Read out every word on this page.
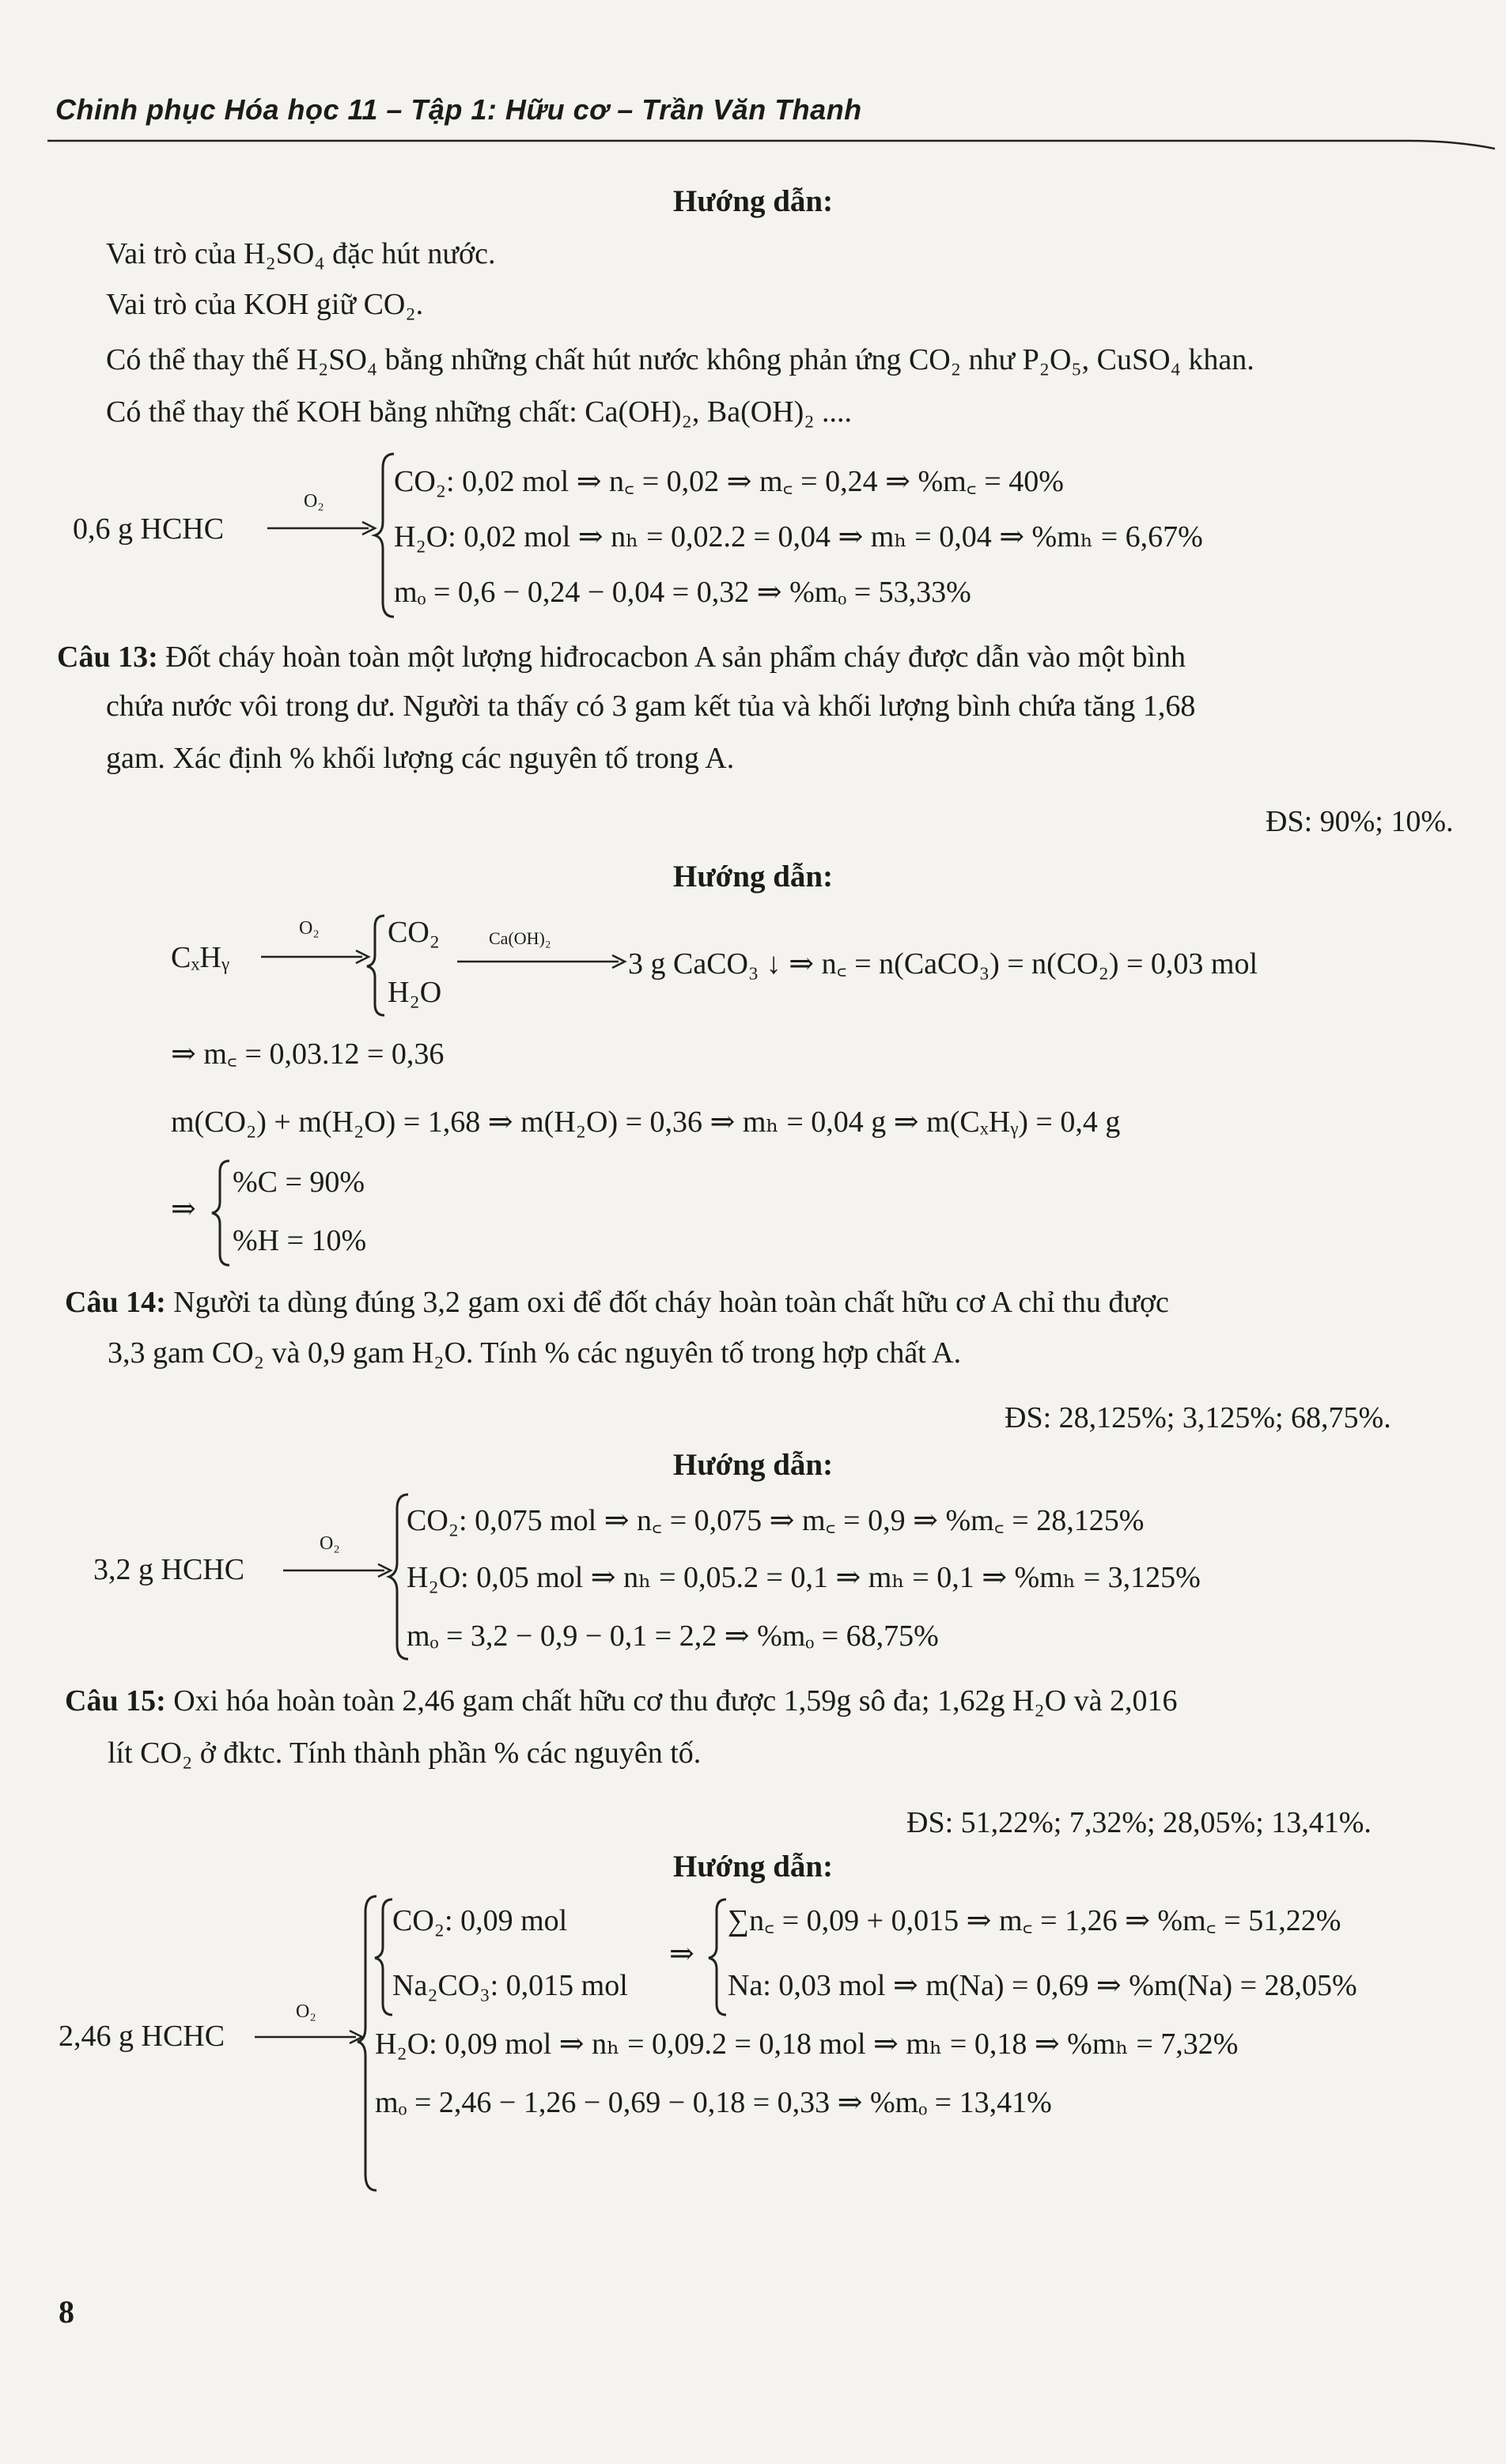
Chinh phục Hóa học 11 – Tập 1: Hữu cơ – Trần Văn Thanh
Hướng dẫn:
Vai trò của H₂SO₄ đặc hút nước.
Vai trò của KOH giữ CO₂.
Có thể thay thế H₂SO₄ bằng những chất hút nước không phản ứng CO₂ như P₂O₅, CuSO₄ khan.
Có thể thay thế KOH bằng những chất: Ca(OH)₂, Ba(OH)₂ ....
0,6 g HCHC
O₂
CO₂: 0,02 mol ⇒ n꜀ = 0,02 ⇒ m꜀ = 0,24 ⇒ %m꜀ = 40%
H₂O: 0,02 mol ⇒ nₕ = 0,02.2 = 0,04 ⇒ mₕ = 0,04 ⇒ %mₕ = 6,67%
mₒ = 0,6 − 0,24 − 0,04 = 0,32 ⇒ %mₒ = 53,33%
Câu 13: Đốt cháy hoàn toàn một lượng hiđrocacbon A sản phẩm cháy được dẫn vào một bình
chứa nước vôi trong dư. Người ta thấy có 3 gam kết tủa và khối lượng bình chứa tăng 1,68
gam. Xác định % khối lượng các nguyên tố trong A.
ĐS: 90%; 10%.
Hướng dẫn:
CₓHᵧ
O₂ CO₂
H₂O
Ca(OH)₂
3 g CaCO₃ ↓ ⇒ n꜀ = n(CaCO₃) = n(CO₂) = 0,03 mol
⇒ m꜀ = 0,03.12 = 0,36
m(CO₂) + m(H₂O) = 1,68 ⇒ m(H₂O) = 0,36 ⇒ mₕ = 0,04 g ⇒ m(CₓHᵧ) = 0,4 g
⇒
%C = 90%
%H = 10%
Câu 14: Người ta dùng đúng 3,2 gam oxi để đốt cháy hoàn toàn chất hữu cơ A chỉ thu được
3,3 gam CO₂ và 0,9 gam H₂O. Tính % các nguyên tố trong hợp chất A.
ĐS: 28,125%; 3,125%; 68,75%.
Hướng dẫn:
3,2 g HCHC
O₂
CO₂: 0,075 mol ⇒ n꜀ = 0,075 ⇒ m꜀ = 0,9 ⇒ %m꜀ = 28,125%
H₂O: 0,05 mol ⇒ nₕ = 0,05.2 = 0,1 ⇒ mₕ = 0,1 ⇒ %mₕ = 3,125%
mₒ = 3,2 − 0,9 − 0,1 = 2,2 ⇒ %mₒ = 68,75%
Câu 15: Oxi hóa hoàn toàn 2,46 gam chất hữu cơ thu được 1,59g sô đa; 1,62g H₂O và 2,016
lít CO₂ ở đktc. Tính thành phần % các nguyên tố.
ĐS: 51,22%; 7,32%; 28,05%; 13,41%.
Hướng dẫn:
2,46 g HCHC
O₂
CO₂: 0,09 mol
Na₂CO₃: 0,015 mol
⇒
∑n꜀ = 0,09 + 0,015 ⇒ m꜀ = 1,26 ⇒ %m꜀ = 51,22%
Na: 0,03 mol ⇒ m(Na) = 0,69 ⇒ %m(Na) = 28,05%
H₂O: 0,09 mol ⇒ nₕ = 0,09.2 = 0,18 mol ⇒ mₕ = 0,18 ⇒ %mₕ = 7,32%
mₒ = 2,46 − 1,26 − 0,69 − 0,18 = 0,33 ⇒ %mₒ = 13,41%
8
